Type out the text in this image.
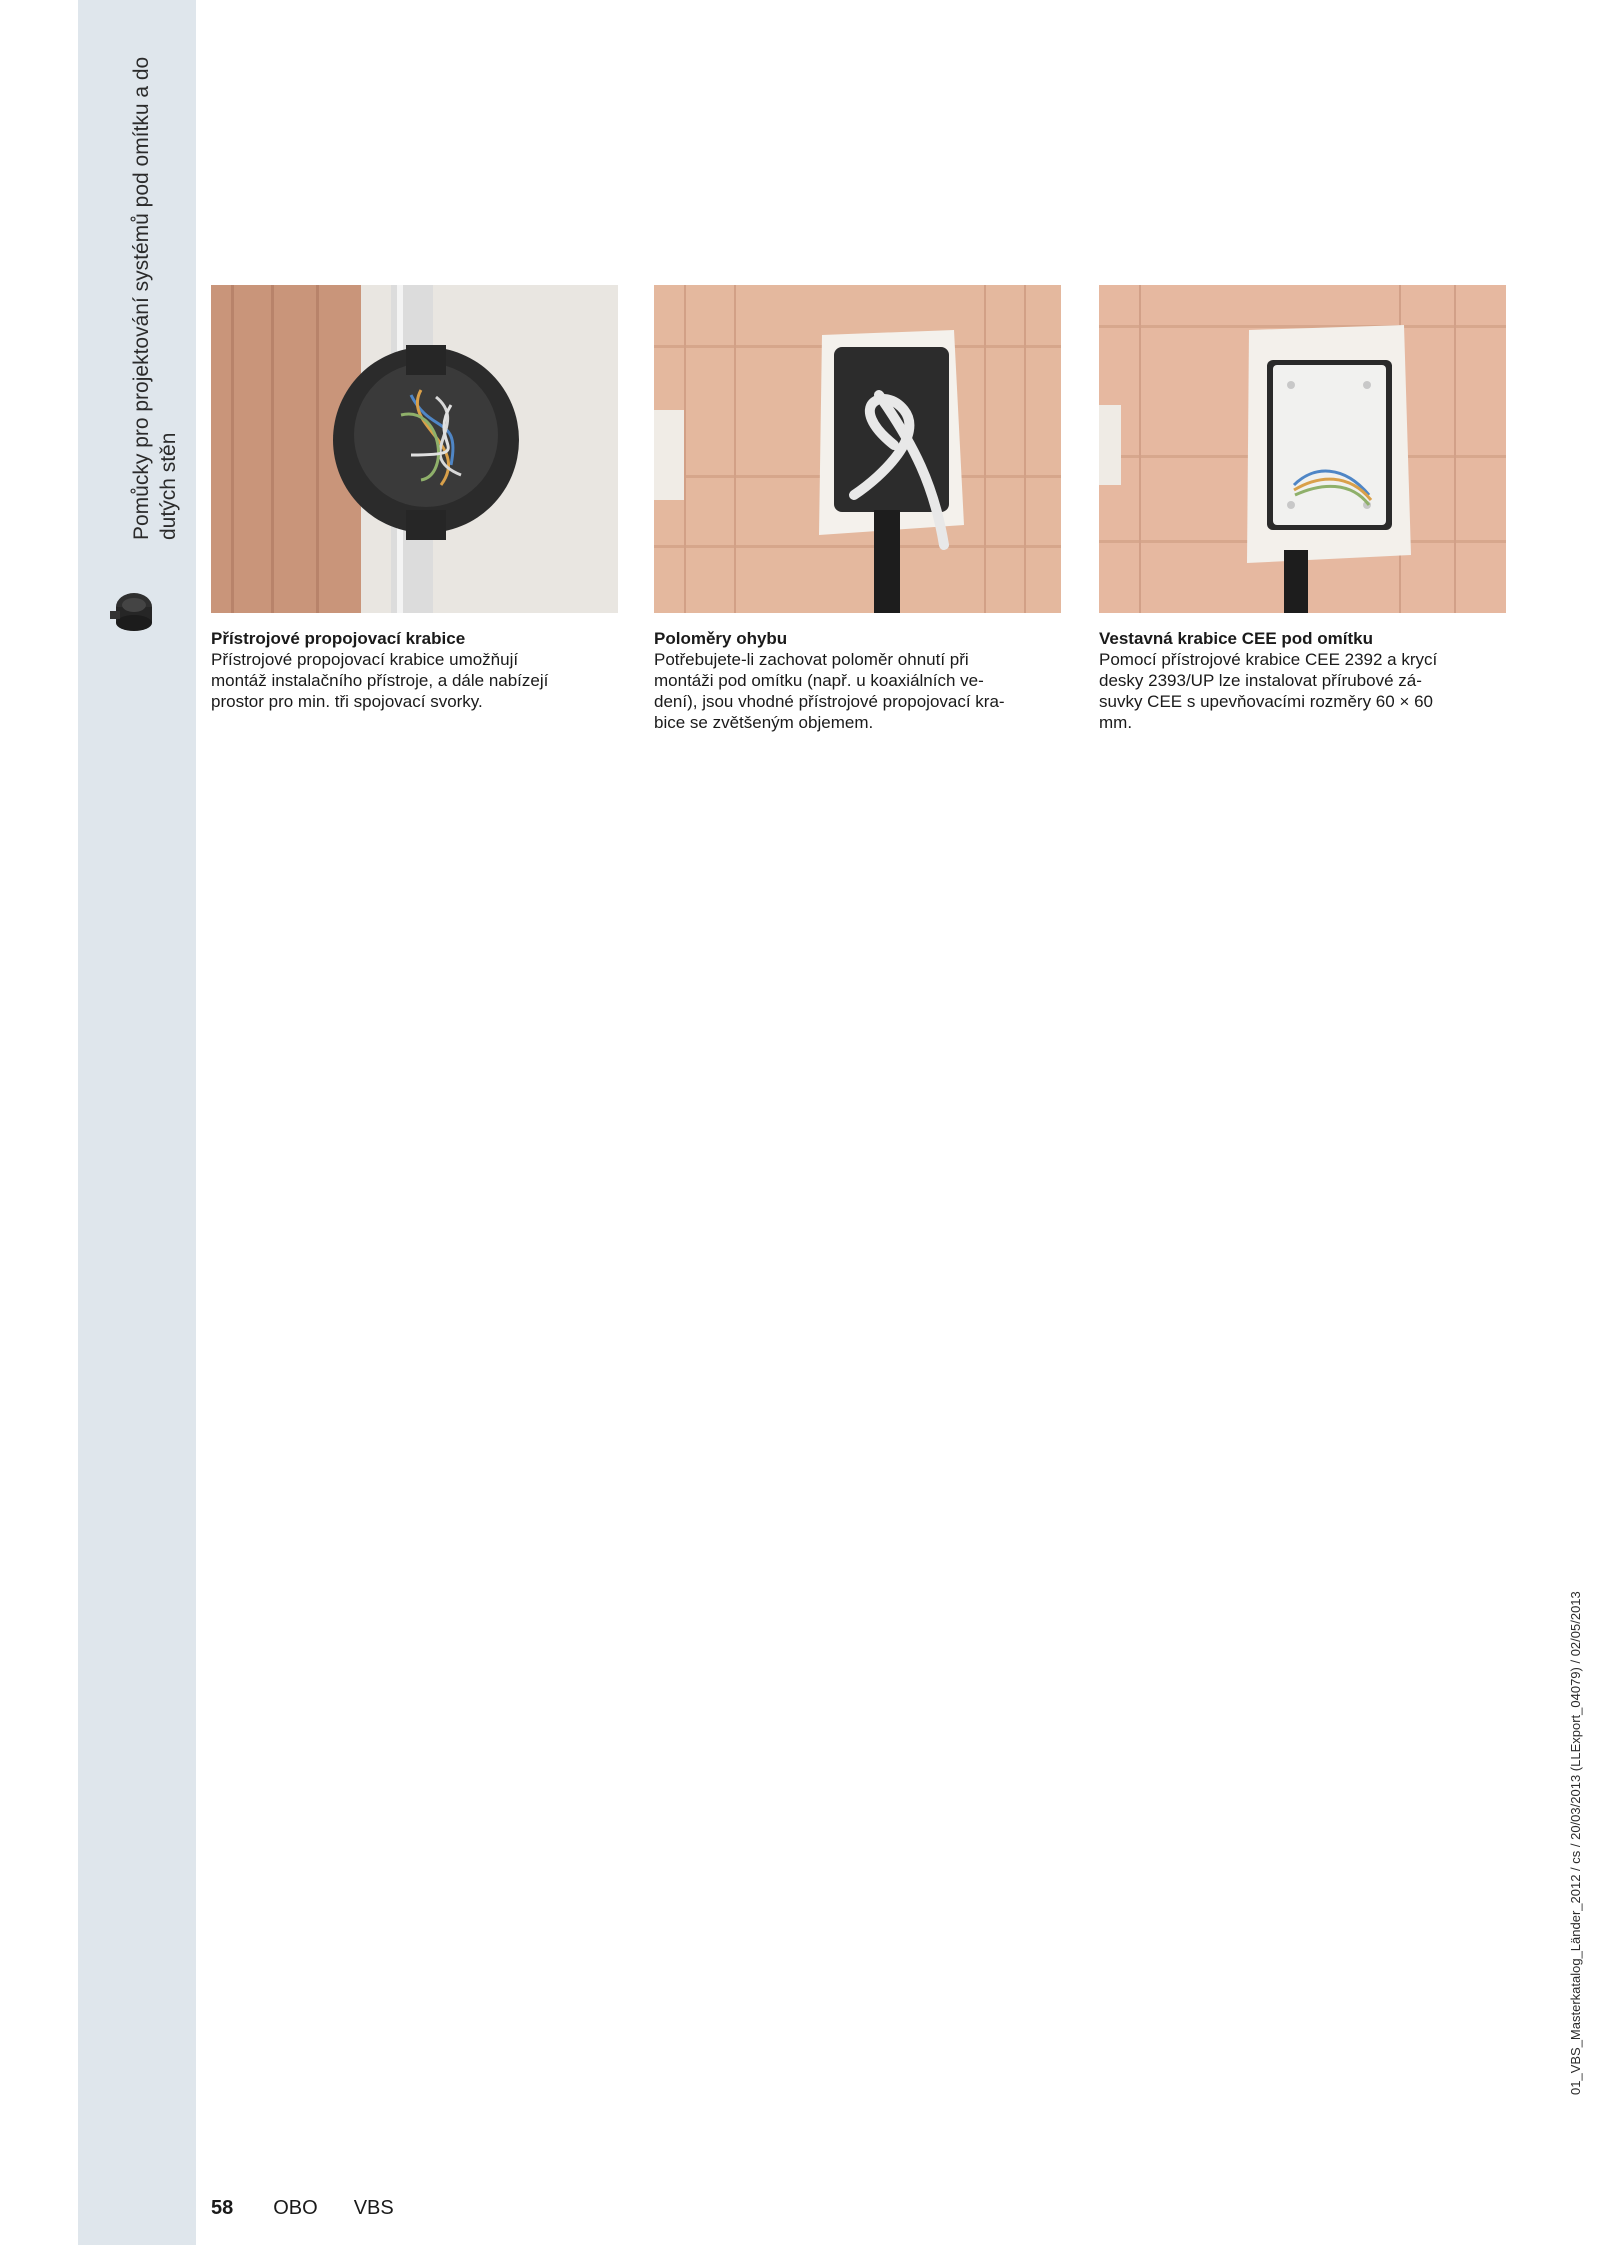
Pomůcky pro projektování systémů pod omítku a do dutých stěn
Přístrojové propojovací krabice
Přístrojové propojovací krabice umožňují
montáž instalačního přístroje, a dále nabízejí
prostor pro min. tři spojovací svorky.
Poloměry ohybu
Potřebujete-li zachovat poloměr ohnutí při
montáži pod omítku (např. u koaxiálních ve-
dení), jsou vhodné přístrojové propojovací kra-
bice se zvětšeným objemem.
Vestavná krabice CEE pod omítku
Pomocí přístrojové krabice CEE 2392 a krycí
desky 2393/UP lze instalovat přírubové zá-
suvky CEE s upevňovacími rozměry 60 × 60
mm.
58 OBO VBS
01_VBS_Masterkatalog_Länder_2012 / cs / 20/03/2013 (LLExport_04079) / 02/05/2013
